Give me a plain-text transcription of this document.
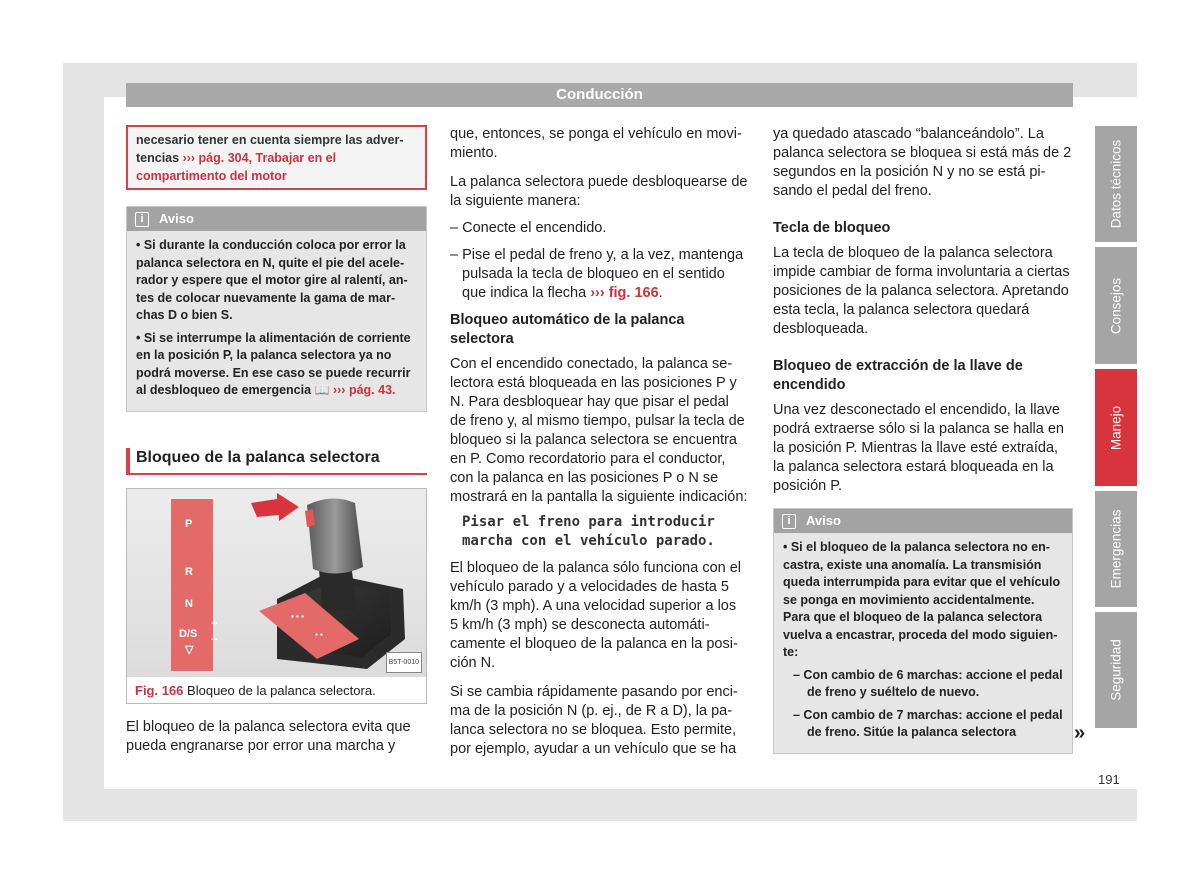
Conducción
necesario tener en cuenta siempre las advertencias ››› pág. 304, Trabajar en el compartimento del motor
i Aviso
• Si durante la conducción coloca por error la palanca selectora en N, quite el pie del acelerador y espere que el motor gire al ralentí, antes de colocar nuevamente la gama de marchas D o bien S.
• Si se interrumpe la alimentación de corriente en la posición P, la palanca selectora ya no podrá moverse. En ese caso se puede recurrir al desbloqueo de emergencia 📖 ››› pág. 43.
Bloqueo de la palanca selectora
▪ ▪ ▪
▪ ▪
P
R
N
D/S
▽
+
−
B5T-0010
Fig. 166 Bloqueo de la palanca selectora.

El bloqueo de la palanca selectora evita que pueda engranarse por error una marcha y

que, entonces, se ponga el vehículo en movimiento.

La palanca selectora puede desbloquearse de la siguiente manera:

– Conecte el encendido.
– Pise el pedal de freno y, a la vez, mantenga pulsada la tecla de bloqueo en el sentido que indica la flecha ››› fig. 166.
Bloqueo automático de la palanca selectora

Con el encendido conectado, la palanca selectora está bloqueada en las posiciones P y N. Para desbloquear hay que pisar el pedal de freno y, al mismo tiempo, pulsar la tecla de bloqueo si la palanca selectora se encuentra en P. Como recordatorio para el conductor, con la palanca en las posiciones P o N se mostrará en la pantalla la siguiente indicación:

Pisar el freno para introducir marcha con el vehículo parado.

El bloqueo de la palanca sólo funciona con el vehículo parado y a velocidades de hasta 5 km/h (3 mph). A una velocidad superior a los 5 km/h (3 mph) se desconecta automáticamente el bloqueo de la palanca en la posición N.

Si se cambia rápidamente pasando por encima de la posición N (p. ej., de R a D), la palanca selectora no se bloquea. Esto permite, por ejemplo, ayudar a un vehículo que se ha

ya quedado atascado “balanceándolo”. La palanca selectora se bloquea si está más de 2 segundos en la posición N y no se está pisando el pedal del freno.

Tecla de bloqueo

La tecla de bloqueo de la palanca selectora impide cambiar de forma involuntaria a ciertas posiciones de la palanca selectora. Apretando esta tecla, la palanca selectora quedará desbloqueada.

Bloqueo de extracción de la llave de encendido

Una vez desconectado el encendido, la llave podrá extraerse sólo si la palanca se halla en la posición P. Mientras la llave esté extraída, la palanca selectora estará bloqueada en la posición P.

i Aviso
• Si el bloqueo de la palanca selectora no encastra, existe una anomalía. La transmisión queda interrumpida para evitar que el vehículo se ponga en movimiento accidentalmente. Para que el bloqueo de la palanca selectora vuelva a encastrar, proceda del modo siguiente:
– Con cambio de 6 marchas: accione el pedal de freno y suéltelo de nuevo.
– Con cambio de 7 marchas: accione el pedal de freno. Sitúe la palanca selectora	»
Datos técnicos
Consejos
Manejo
Emergencias
Seguridad
191
